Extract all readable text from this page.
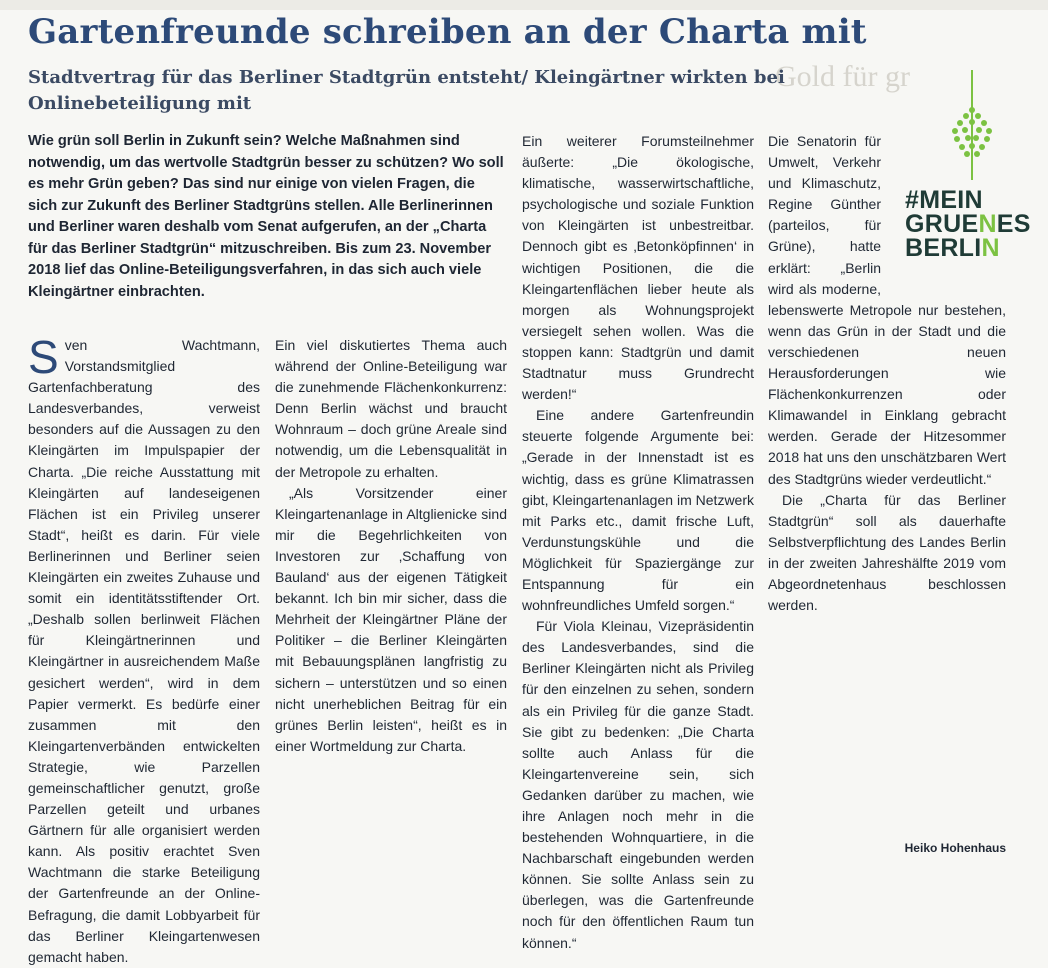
Gold für gr
Gartenfreunde schreiben an der Charta mit
Stadtvertrag für das Berliner Stadtgrün entsteht/ Kleingärtner wirkten bei Onlinebeteiligung mit

Wie grün soll Berlin in Zukunft sein? Welche Maßnahmen sind notwendig, um das wertvolle Stadtgrün besser zu schützen? Wo soll es mehr Grün geben? Das sind nur einige von vielen Fragen, die sich zur Zukunft des Berliner Stadtgrüns stellen. Alle Berlinerinnen und Berliner waren deshalb vom Senat aufgerufen, an der „Charta für das Berliner Stadtgrün“ mitzuschreiben. Bis zum 23. November 2018 lief das Online-Beteiligungsverfahren, in das sich auch viele Kleingärtner einbrachten.

Sven Wachtmann, Vorstandsmitglied Gartenfachberatung des Landesverbandes, verweist besonders auf die Aussagen zu den Kleingärten im Impulspapier der Charta. „Die reiche Ausstattung mit Kleingärten auf landeseigenen Flächen ist ein Privileg unserer Stadt“, heißt es darin. Für viele Berlinerinnen und Berliner seien Kleingärten ein zweites Zuhause und somit ein identitätsstiftender Ort. „Deshalb sollen berlinweit Flächen für Kleingärtnerinnen und Kleingärtner in ausreichendem Maße gesichert werden“, wird in dem Papier vermerkt. Es bedürfe einer zusammen mit den Kleingartenverbänden entwickelten Strategie, wie Parzellen gemeinschaftlicher genutzt, große Parzellen geteilt und urbanes Gärtnern für alle organisiert werden kann. Als positiv erachtet Sven Wachtmann die starke Beteiligung der Gartenfreunde an der Online-Befragung, die damit Lobbyarbeit für das Berliner Kleingartenwesen gemacht haben.

Ein viel diskutiertes Thema auch während der Online-Beteiligung war die zunehmende Flächenkonkurrenz: Denn Berlin wächst und braucht Wohnraum – doch grüne Areale sind notwendig, um die Lebensqualität in der Metropole zu erhalten.

„Als Vorsitzender einer Kleingartenanlage in Altglienicke sind mir die Begehrlichkeiten von Investoren zur ‚Schaffung von Bauland‘ aus der eigenen Tätigkeit bekannt. Ich bin mir sicher, dass die Mehrheit der Kleingärtner Pläne der Politiker – die Berliner Kleingärten mit Bebauungsplänen langfristig zu sichern – unterstützen und so einen nicht unerheblichen Beitrag für ein grünes Berlin leisten“, heißt es in einer Wortmeldung zur Charta.

Ein weiterer Forumsteilnehmer äußerte: „Die ökologische, klimatische, wasserwirtschaftliche, psychologische und soziale Funktion von Kleingärten ist unbestreitbar. Dennoch gibt es ‚Betonköpfinnen‘ in wichtigen Positionen, die die Kleingartenflächen lieber heute als morgen als Wohnungsprojekt versiegelt sehen wollen. Was die stoppen kann: Stadtgrün und damit Stadtnatur muss Grundrecht werden!“

Eine andere Gartenfreundin steuerte folgende Argumente bei: „Gerade in der Innenstadt ist es wichtig, dass es grüne Klimatrassen gibt, Kleingartenanlagen im Netzwerk mit Parks etc., damit frische Luft, Verdunstungskühle und die Möglichkeit für Spaziergänge zur Entspannung für ein wohnfreundliches Umfeld sorgen.“

Für Viola Kleinau, Vizepräsidentin des Landesverbandes, sind die Berliner Kleingärten nicht als Privileg für den einzelnen zu sehen, sondern als ein Privileg für die ganze Stadt. Sie gibt zu bedenken: „Die Charta sollte auch Anlass für die Kleingartenvereine sein, sich Gedanken darüber zu machen, wie ihre Anlagen noch mehr in die bestehenden Wohnquartiere, in die Nachbarschaft eingebunden werden können. Sie sollte Anlass sein zu überlegen, was die Gartenfreunde noch für den öffentlichen Raum tun können.“

Die Senatorin für Umwelt, Verkehr und Klimaschutz, Regine Günther (parteilos, für Grüne), hatte erklärt: „Berlin wird als moderne, lebenswerte Metropole nur bestehen, wenn das Grün in der Stadt und die verschiedenen neuen Herausforderungen wie Flächenkonkurrenzen oder Klimawandel in Einklang gebracht werden. Gerade der Hitzesommer 2018 hat uns den unschätzbaren Wert des Stadtgrüns wieder verdeutlicht.“

Die „Charta für das Berliner Stadtgrün“ soll als dauerhafte Selbstverpflichtung des Landes Berlin in der zweiten Jahreshälfte 2019 vom Abgeordnetenhaus beschlossen werden.

Heiko Hohenhaus

#MEIN
GRUENES
BERLIN
